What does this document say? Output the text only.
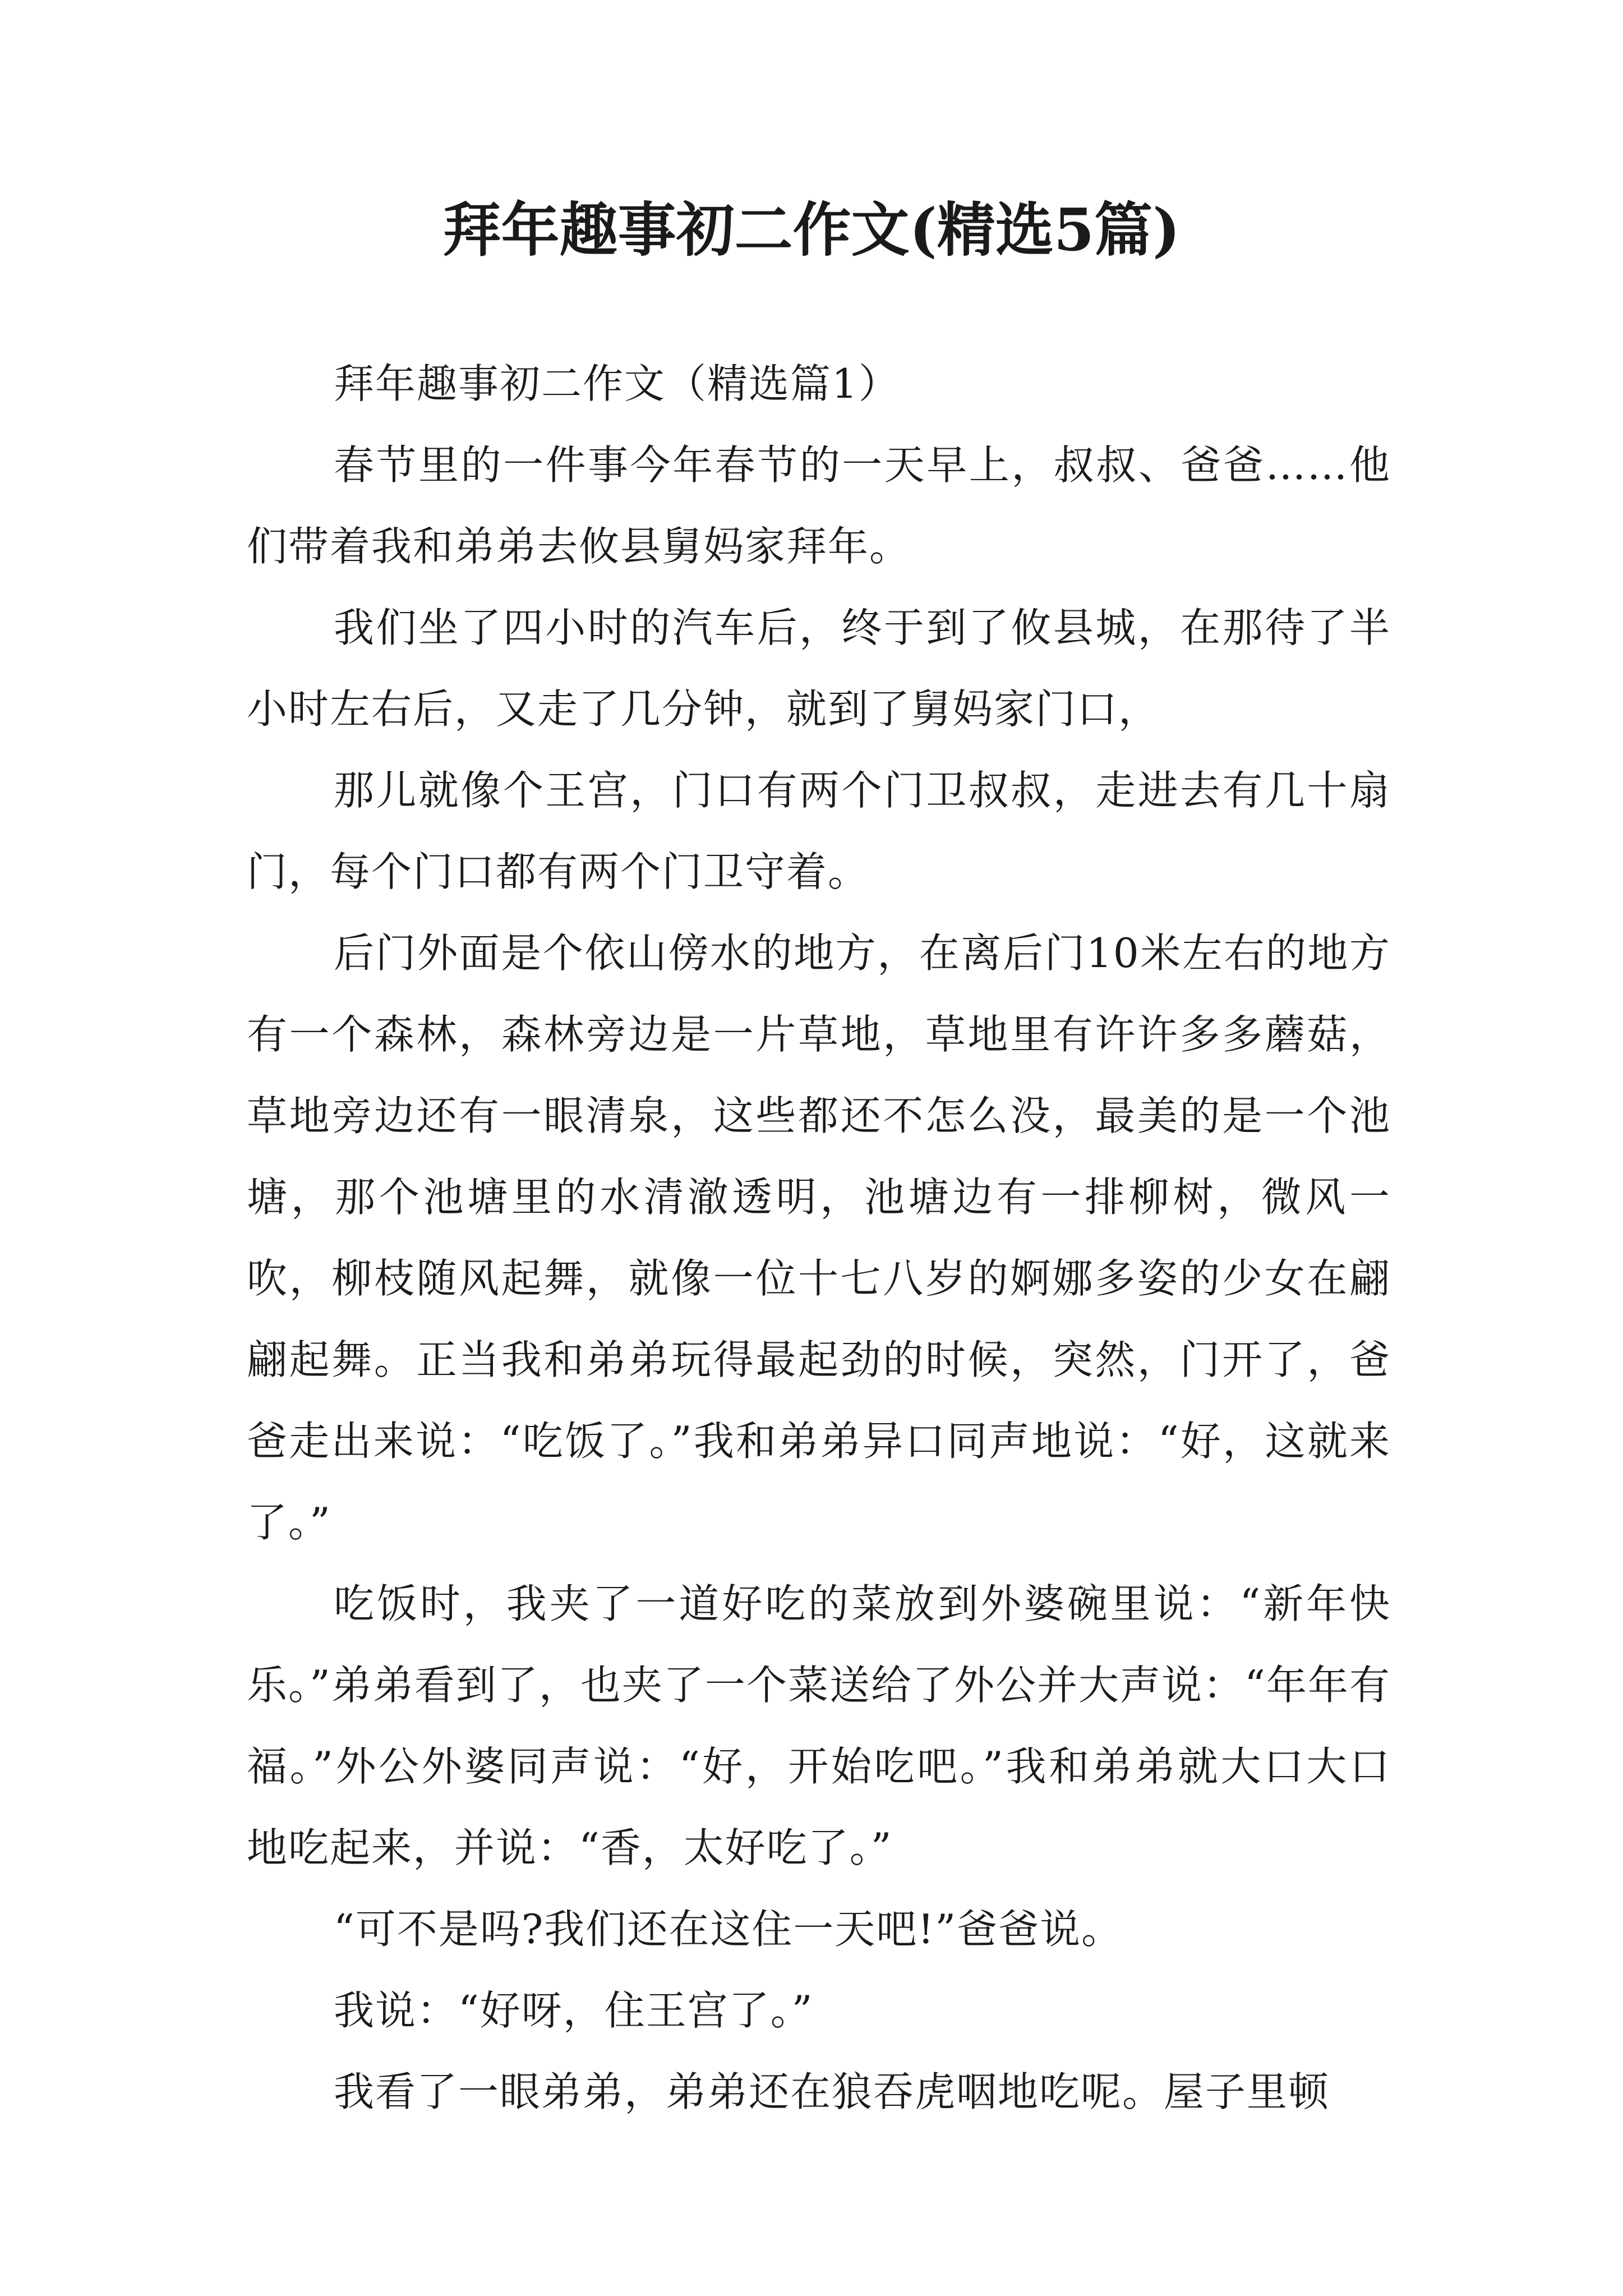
拜年趣事初二作文(精选5篇)

拜年趣事初二作文（精选篇1）

春节里的一件事今年春节的一天早上，叔叔、爸爸……他们带着我和弟弟去攸县舅妈家拜年。

我们坐了四小时的汽车后，终于到了攸县城，在那待了半小时左右后，又走了几分钟，就到了舅妈家门口，

那儿就像个王宫，门口有两个门卫叔叔，走进去有几十扇门，每个门口都有两个门卫守着。

后门外面是个依山傍水的地方，在离后门10米左右的地方有一个森林，森林旁边是一片草地，草地里有许许多多蘑菇，草地旁边还有一眼清泉，这些都还不怎么没，最美的是一个池塘，那个池塘里的水清澈透明，池塘边有一排柳树，微风一吹，柳枝随风起舞，就像一位十七八岁的婀娜多姿的少女在翩翩起舞。正当我和弟弟玩得最起劲的时候，突然，门开了，爸爸走出来说：“吃饭了。”我和弟弟异口同声地说：“好，这就来了。”

吃饭时，我夹了一道好吃的菜放到外婆碗里说：“新年快乐。”弟弟看到了，也夹了一个菜送给了外公并大声说：“年年有福。”外公外婆同声说：“好，开始吃吧。”我和弟弟就大口大口地吃起来，并说：“香，太好吃了。”

“可不是吗?我们还在这住一天吧!”爸爸说。

我说：“好呀，住王宫了。”

我看了一眼弟弟，弟弟还在狼吞虎咽地吃呢。屋子里顿
